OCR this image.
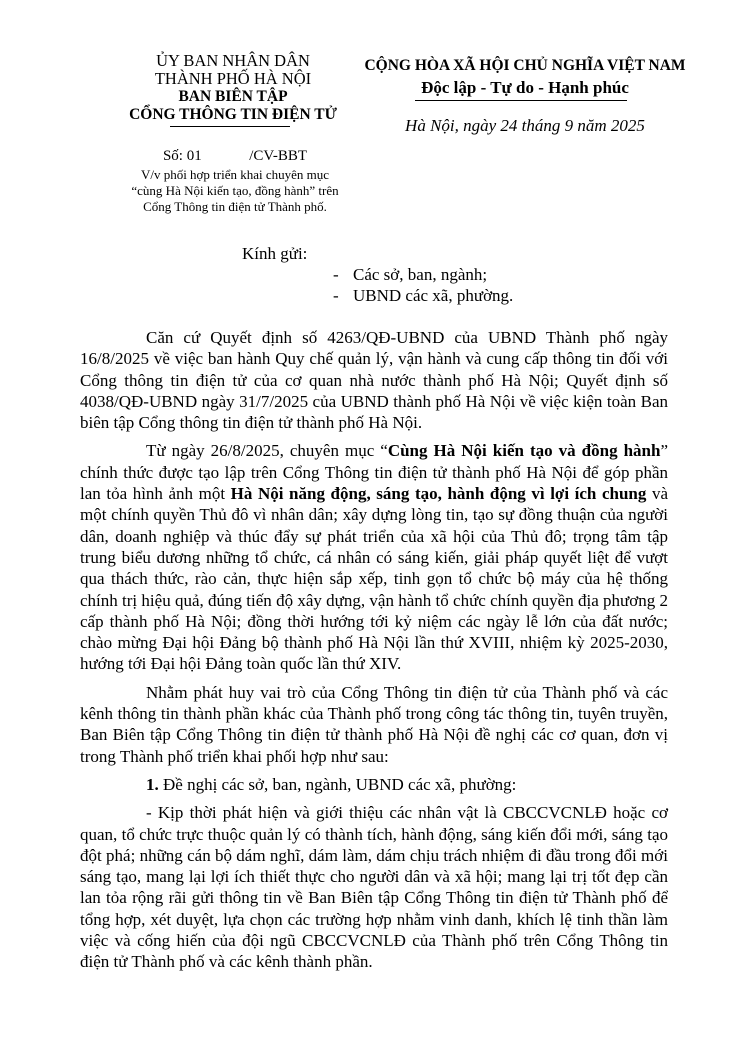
ỦY BAN NHÂN DÂN
THÀNH PHỐ HÀ NỘI
BAN BIÊN TẬP
CỔNG THÔNG TIN ĐIỆN TỬ
CỘNG HÒA XÃ HỘI CHỦ NGHĨA VIỆT NAM
Độc lập - Tự do - Hạnh phúc
Hà Nội, ngày 24 tháng 9 năm 2025
Số: 01	/CV-BBT
V/v phối hợp triển khai chuyên mục
“cùng Hà Nội kiến tạo, đồng hành” trên
Cổng Thông tin điện tử Thành phố.
Kính gửi:
- Các sở, ban, ngành;
- UBND các xã, phường.

Căn cứ Quyết định số 4263/QĐ-UBND của UBND Thành phố ngày 16/8/2025 về việc ban hành Quy chế quản lý, vận hành và cung cấp thông tin đối với Cổng thông tin điện tử của cơ quan nhà nước thành phố Hà Nội; Quyết định số 4038/QĐ-UBND ngày 31/7/2025 của UBND thành phố Hà Nội về việc kiện toàn Ban biên tập Cổng thông tin điện tử thành phố Hà Nội.

Từ ngày 26/8/2025, chuyên mục “Cùng Hà Nội kiến tạo và đồng hành” chính thức được tạo lập trên Cổng Thông tin điện tử thành phố Hà Nội để góp phần lan tỏa hình ảnh một Hà Nội năng động, sáng tạo, hành động vì lợi ích chung và một chính quyền Thủ đô vì nhân dân; xây dựng lòng tin, tạo sự đồng thuận của người dân, doanh nghiệp và thúc đẩy sự phát triển của xã hội của Thủ đô; trọng tâm tập trung biểu dương những tổ chức, cá nhân có sáng kiến, giải pháp quyết liệt để vượt qua thách thức, rào cản, thực hiện sắp xếp, tinh gọn tổ chức bộ máy của hệ thống chính trị hiệu quả, đúng tiến độ xây dựng, vận hành tổ chức chính quyền địa phương 2 cấp thành phố Hà Nội; đồng thời hướng tới kỷ niệm các ngày lễ lớn của đất nước; chào mừng Đại hội Đảng bộ thành phố Hà Nội lần thứ XVIII, nhiệm kỳ 2025-2030, hướng tới Đại hội Đảng toàn quốc lần thứ XIV.

Nhằm phát huy vai trò của Cổng Thông tin điện tử của Thành phố và các kênh thông tin thành phần khác của Thành phố trong công tác thông tin, tuyên truyền, Ban Biên tập Cổng Thông tin điện tử thành phố Hà Nội đề nghị các cơ quan, đơn vị trong Thành phố triển khai phối hợp như sau:

1. Đề nghị các sở, ban, ngành, UBND các xã, phường:

- Kịp thời phát hiện và giới thiệu các nhân vật là CBCCVCNLĐ hoặc cơ quan, tổ chức trực thuộc quản lý có thành tích, hành động, sáng kiến đổi mới, sáng tạo đột phá; những cán bộ dám nghĩ, dám làm, dám chịu trách nhiệm đi đầu trong đổi mới sáng tạo, mang lại lợi ích thiết thực cho người dân và xã hội; mang lại trị tốt đẹp cần lan tỏa rộng rãi gửi thông tin về Ban Biên tập Cổng Thông tin điện tử Thành phố để tổng hợp, xét duyệt, lựa chọn các trường hợp nhằm vinh danh, khích lệ tinh thần làm việc và cống hiến của đội ngũ CBCCVCNLĐ của Thành phố trên Cổng Thông tin điện tử Thành phố và các kênh thành phần.
